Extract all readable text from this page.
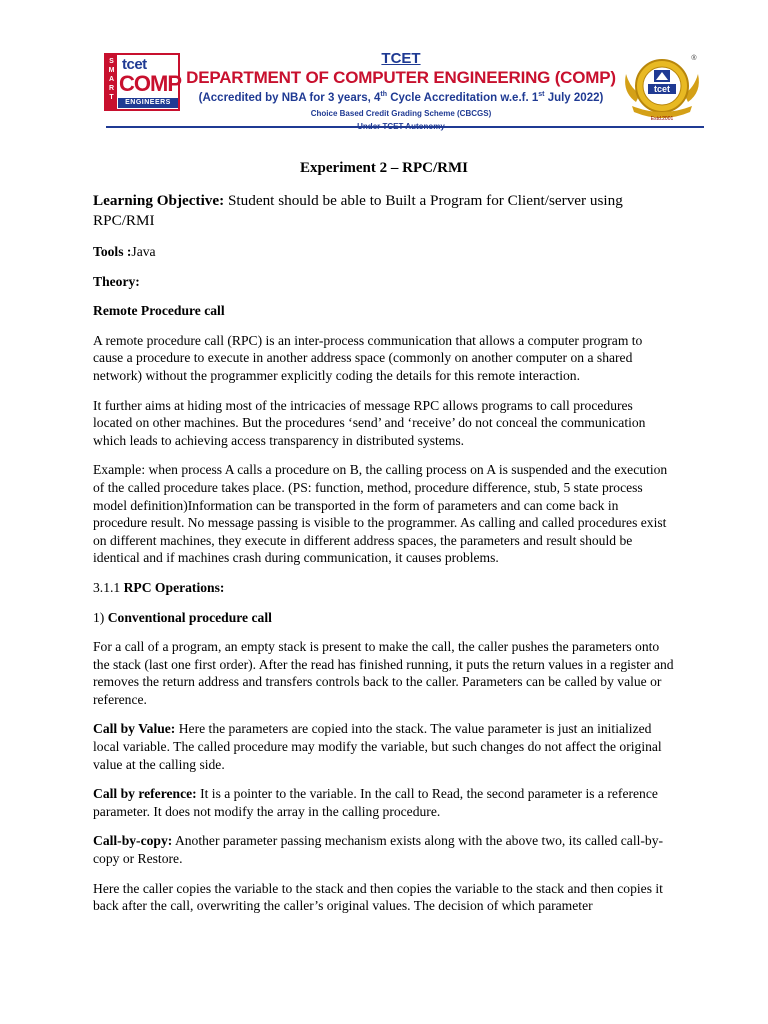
S
M
A
R
T
tcet
COMP
ENGINEERS
TCET
DEPARTMENT OF COMPUTER ENGINEERING (COMP)
(Accredited by NBA for 3 years, 4th Cycle Accreditation w.e.f. 1st July 2022)
Choice Based Credit Grading Scheme (CBCGS)
tcet
Estd.2001
®
Experiment 2 – RPC/RMI

Learning Objective: Student should be able to Built a Program for Client/server using RPC/RMI

Tools :Java

Theory:

Remote Procedure call

A remote procedure call (RPC) is an inter-process communication that allows a computer program to cause a procedure to execute in another address space (commonly on another computer on a shared network) without the programmer explicitly coding the details for this remote interaction.

It further aims at hiding most of the intricacies of message RPC allows programs to call procedures located on other machines. But the procedures ‘send’ and ‘receive’ do not conceal the communication which leads to achieving access transparency in distributed systems.

Example: when process A calls a procedure on B, the calling process on A is suspended and the execution of the called procedure takes place. (PS: function, method, procedure difference, stub, 5 state process model definition)Information can be transported in the form of parameters and can come back in procedure result. No message passing is visible to the programmer. As calling and called procedures exist on different machines, they execute in different address spaces, the parameters and result should be identical and if machines crash during communication, it causes problems.

3.1.1 RPC Operations:

1) Conventional procedure call

For a call of a program, an empty stack is present to make the call, the caller pushes the parameters onto the stack (last one first order). After the read has finished running, it puts the return values in a register and removes the return address and transfers controls back to the caller. Parameters can be called by value or reference.

Call by Value: Here the parameters are copied into the stack. The value parameter is just an initialized local variable. The called procedure may modify the variable, but such changes do not affect the original value at the calling side.

Call by reference: It is a pointer to the variable. In the call to Read, the second parameter is a reference parameter. It does not modify the array in the calling procedure.

Call-by-copy: Another parameter passing mechanism exists along with the above two, its called call-by-copy or Restore.

Here the caller copies the variable to the stack and then copies the variable to the stack and then copies it back after the call, overwriting the caller’s original values. The decision of which parameter
